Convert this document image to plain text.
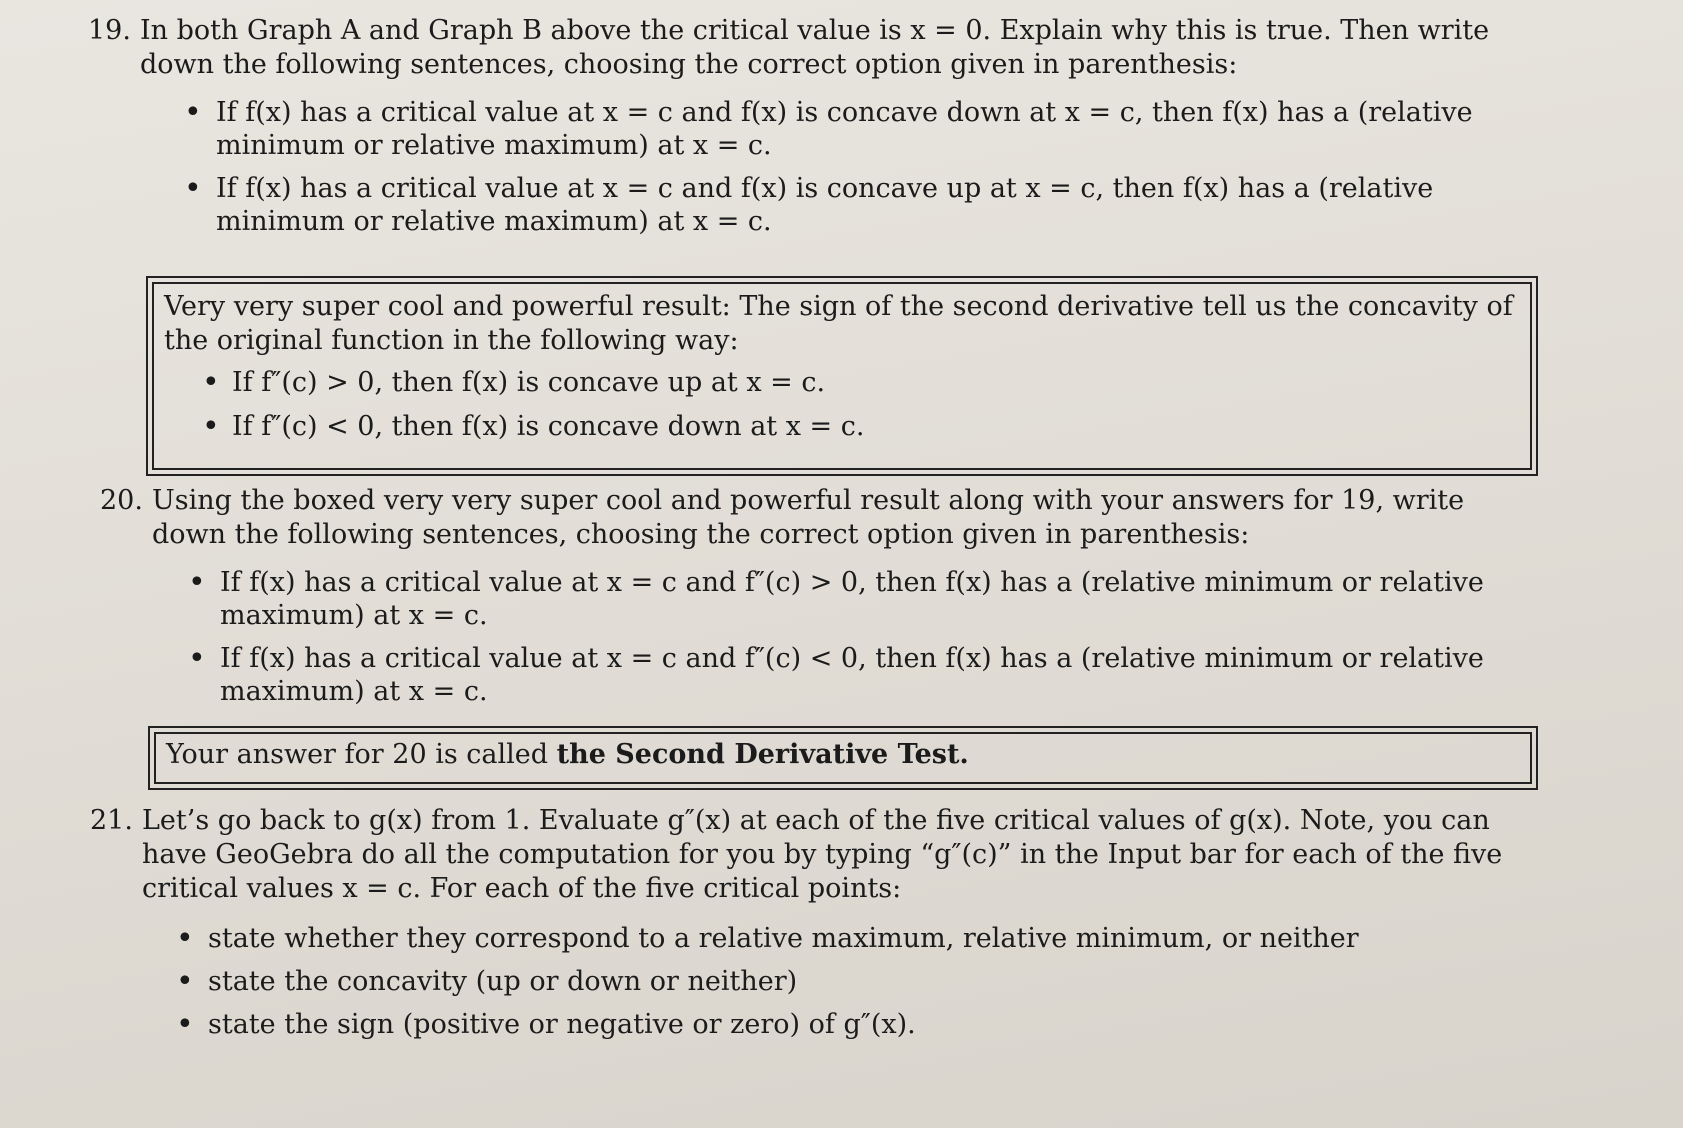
19. In both Graph A and Graph B above the critical value is x = 0. Explain why this is true. Then write down the following sentences, choosing the correct option given in parenthesis:
• If f(x) has a critical value at x = c and f(x) is concave down at x = c, then f(x) has a (relative minimum or relative maximum) at x = c.
• If f(x) has a critical value at x = c and f(x) is concave up at x = c, then f(x) has a (relative minimum or relative maximum) at x = c.
Very very super cool and powerful result: The sign of the second derivative tell us the concavity of the original function in the following way:
• If f″(c) > 0, then f(x) is concave up at x = c.
• If f″(c) < 0, then f(x) is concave down at x = c.
20. Using the boxed very very super cool and powerful result along with your answers for 19, write down the following sentences, choosing the correct option given in parenthesis:
• If f(x) has a critical value at x = c and f″(c) > 0, then f(x) has a (relative minimum or relative maximum) at x = c.
• If f(x) has a critical value at x = c and f″(c) < 0, then f(x) has a (relative minimum or relative maximum) at x = c.
Your answer for 20 is called the Second Derivative Test.
21. Let’s go back to g(x) from 1. Evaluate g″(x) at each of the five critical values of g(x). Note, you can have GeoGebra do all the computation for you by typing “g″(c)” in the Input bar for each of the five critical values x = c. For each of the five critical points:
• state whether they correspond to a relative maximum, relative minimum, or neither
• state the concavity (up or down or neither)
• state the sign (positive or negative or zero) of g″(x).
